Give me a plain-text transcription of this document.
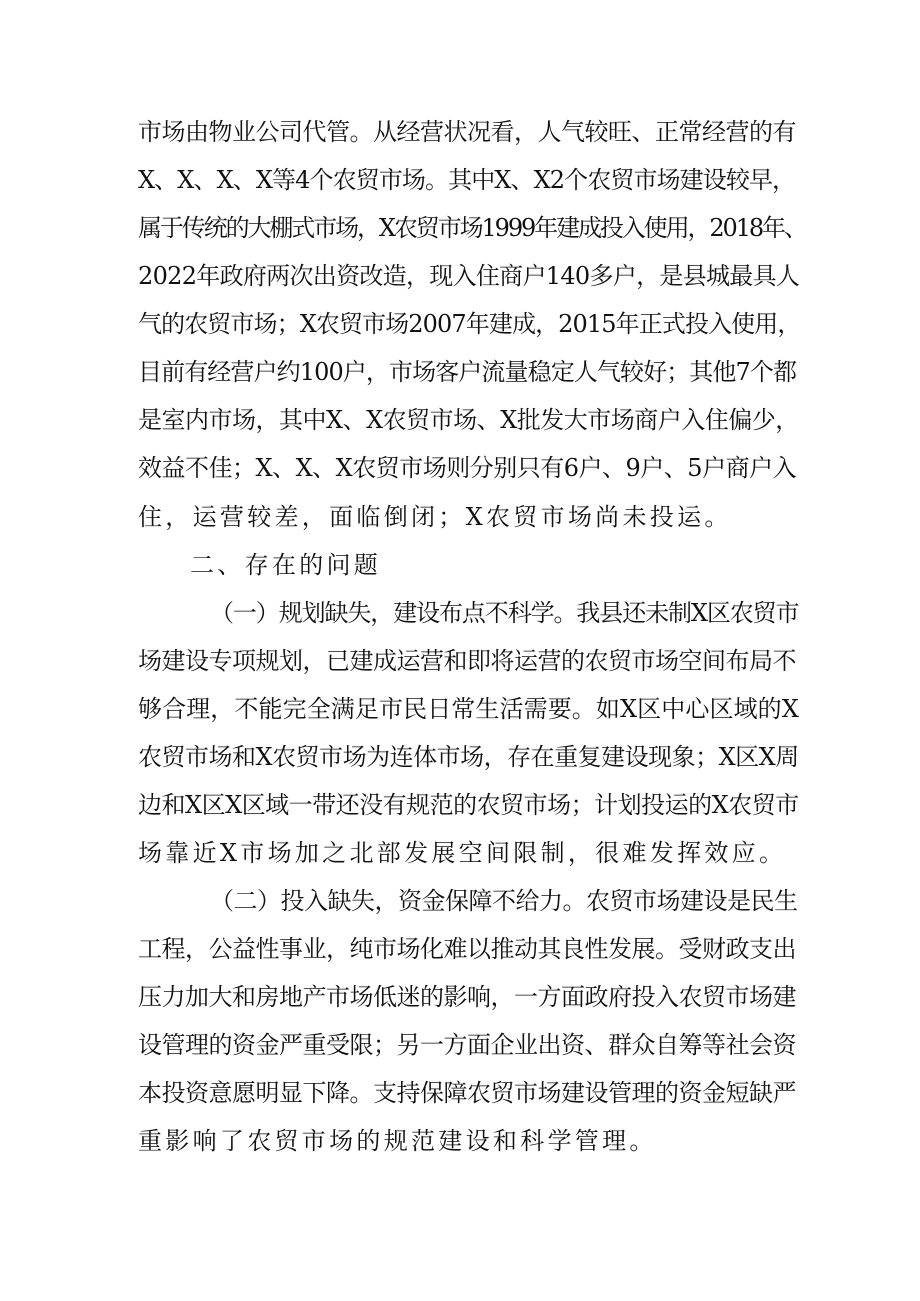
市场由物业公司代管。从经营状况看，人气较旺、正常经营的有
X、X、X、X等4个农贸市场。其中X、X2个农贸市场建设较早，
属于传统的大棚式市场，X农贸市场1999年建成投入使用，2018年、
2022年政府两次出资改造，现入住商户140多户，是县城最具人
气的农贸市场；X农贸市场2007年建成，2015年正式投入使用，
目前有经营户约100户，市场客户流量稳定人气较好；其他7个都
是室内市场，其中X、X农贸市场、X批发大市场商户入住偏少，
效益不佳；X、X、X农贸市场则分别只有6户、9户、5户商户入
住，运营较差，面临倒闭；X农贸市场尚未投运。
二、存在的问题
（一）规划缺失，建设布点不科学。我县还未制X区农贸市
场建设专项规划，已建成运营和即将运营的农贸市场空间布局不
够合理，不能完全满足市民日常生活需要。如X区中心区域的X
农贸市场和X农贸市场为连体市场，存在重复建设现象；X区X周
边和X区X区域一带还没有规范的农贸市场；计划投运的X农贸市
场靠近X市场加之北部发展空间限制，很难发挥效应。
（二）投入缺失，资金保障不给力。农贸市场建设是民生
工程，公益性事业，纯市场化难以推动其良性发展。受财政支出
压力加大和房地产市场低迷的影响，一方面政府投入农贸市场建
设管理的资金严重受限；另一方面企业出资、群众自筹等社会资
本投资意愿明显下降。支持保障农贸市场建设管理的资金短缺严
重影响了农贸市场的规范建设和科学管理。
